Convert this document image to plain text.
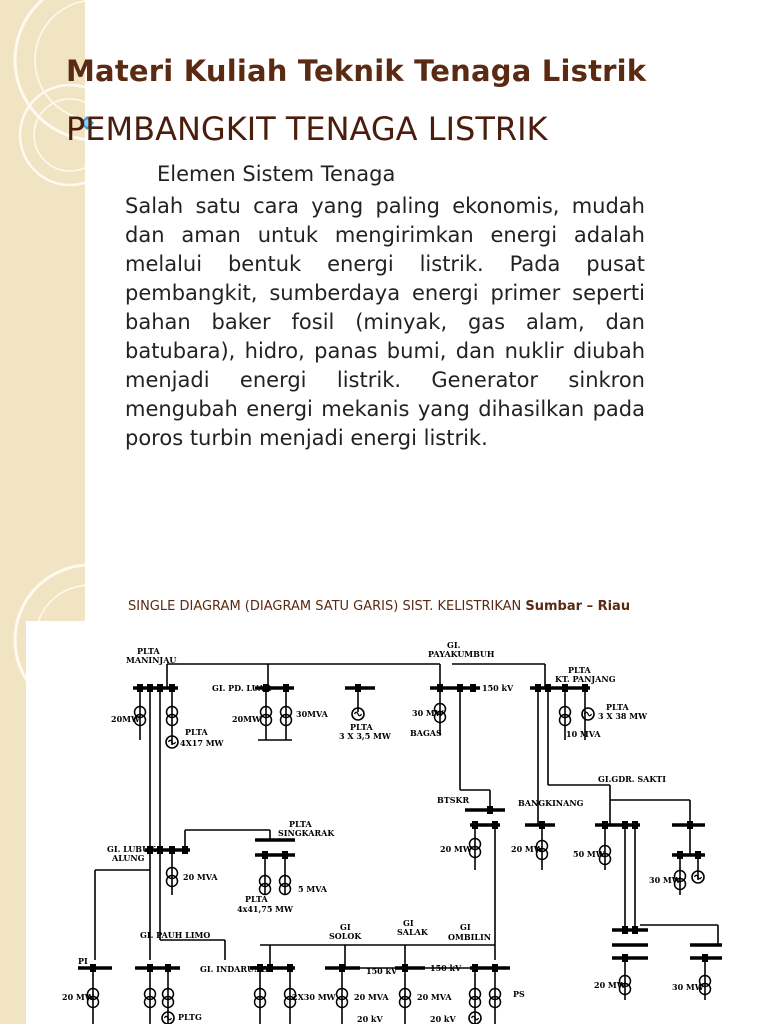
Materi Kuliah Teknik Tenaga Listrik
PEMBANGKIT TENAGA LISTRIK
Elemen Sistem Tenaga

Salah satu cara yang paling ekonomis, mudah dan aman untuk mengirimkan energi adalah melalui bentuk energi listrik. Pada pusat pembangkit, sumberdaya energi primer seperti bahan baker fosil (minyak, gas alam, dan batubara), hidro, panas bumi, dan nuklir diubah menjadi energi listrik. Generator sinkron mengubah energi mekanis yang dihasilkan pada poros turbin menjadi energi listrik.

SINGLE DIAGRAM (DIAGRAM SATU GARIS) SIST. KELISTRIKAN Sumbar – Riau
PLTA
MANINJAU
GI.
PAYAKUMBUH
PLTA
KT. PANJANG
GI. PD. LUAR	150 kV
PLTA
3 X 38 MW
20MW	20MW	30MVA
PLTA
3 X 3,5 MW
30 MW
BAGAS	10 MVA
PLTA
4X17 MW
GI.GDR. SAKTI
BTSKR	BANGKINANG
PLTA
SINGKARAK
GI. LUBUK
ALUNG
20 MVA
20 MW	20 MW	50 MW
30 MW
5 MVA
PLTA
4x41,75 MW
GI. PAUH LIMO
GI
SOLOK
GI
SALAK	GI
OMBILIN
PI
GI. INDARUNG	150 kV	150 kV
20 MW	2X30 MW 20 MVA	20 MVA	PS
20 kV	20 kV
PLTG
20 MW	30 MW
